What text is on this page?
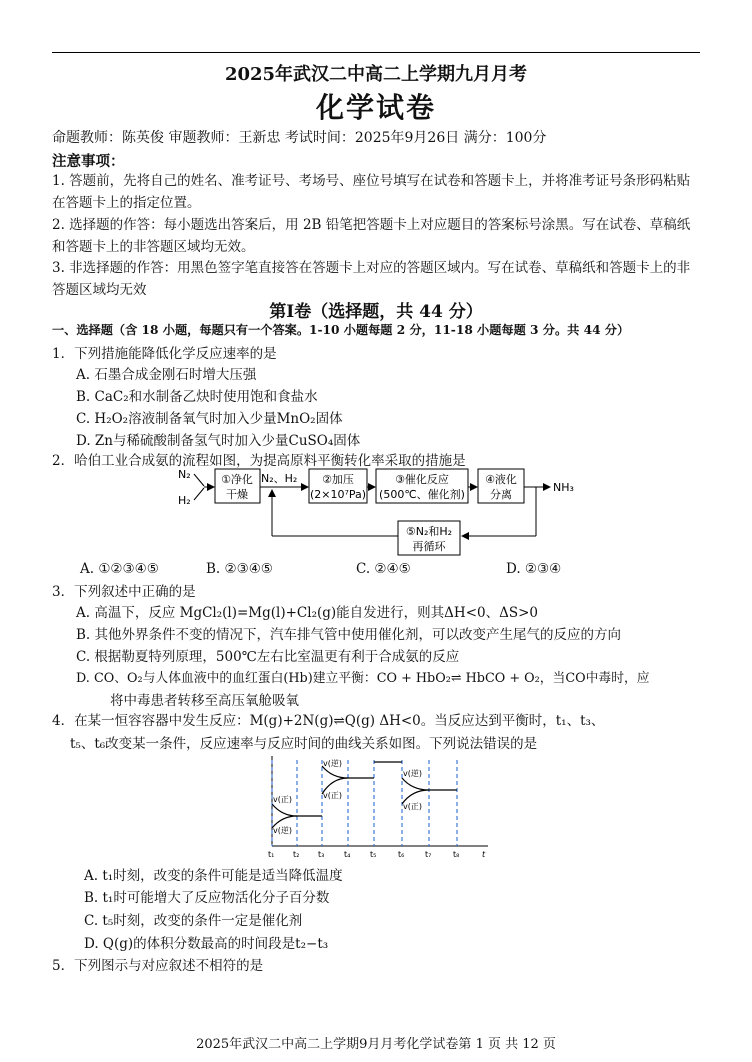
2025年武汉二中高二上学期九月月考
化学试卷
命题教师：陈英俊 审题教师：王新忠 考试时间：2025年9月26日 满分：100分
注意事项：
1. 答题前，先将自己的姓名、准考证号、考场号、座位号填写在试卷和答题卡上，并将准考证号条形码粘贴在答题卡上的指定位置。
2. 选择题的作答：每小题选出答案后，用 2B 铅笔把答题卡上对应题目的答案标号涂黑。写在试卷、草稿纸和答题卡上的非答题区域均无效。
3. 非选择题的作答：用黑色签字笔直接答在答题卡上对应的答题区域内。写在试卷、草稿纸和答题卡上的非答题区域均无效
第Ⅰ卷（选择题，共 44 分）
一、选择题（含 18 小题，每题只有一个答案。1-10 小题每题 2 分，11-18 小题每题 3 分。共 44 分）
1．下列措施能降低化学反应速率的是
A. 石墨合成金刚石时增大压强
B. CaC₂和水制备乙炔时使用饱和食盐水
C. H₂O₂溶液制备氧气时加入少量MnO₂固体
D. Zn与稀硫酸制备氢气时加入少量CuSO₄固体
2．哈伯工业合成氨的流程如图，为提高原料平衡转化率采取的措施是
N₂
H₂
①净化
干燥
N₂、H₂ ②加压
(2×10⁷Pa)
③催化反应
(500℃、催化剂)
④液化
分离
NH₃
⑤N₂和H₂
再循环
A. ①②③④⑤	B. ②③④⑤	C. ②④⑤	D. ②③④
3．下列叙述中正确的是
A. 高温下，反应 MgCl₂(l)=Mg(l)+Cl₂(g)能自发进行，则其ΔH<0、ΔS>0
B. 其他外界条件不变的情况下，汽车排气管中使用催化剂，可以改变产生尾气的反应的方向
C. 根据勒夏特列原理，500℃左右比室温更有利于合成氨的反应
D. CO、O₂与人体血液中的血红蛋白(Hb)建立平衡：CO + HbO₂⇌ HbCO + O₂，当CO中毒时，应
将中毒患者转移至高压氧舱吸氧
4．在某一恒容容器中发生反应：M(g)+2N(g)⇌Q(g) ΔH<0。当反应达到平衡时，t₁、t₃、
t₅、t₆改变某一条件，反应速率与反应时间的曲线关系如图。下列说法错误的是
v(正)
v(逆)
v(逆)
v(正)
v(逆)
v(正)
t₁ t₂ t₃ t₄ t₅	t₆	t₇	t₈	t
A. t₁时刻，改变的条件可能是适当降低温度
B. t₁时可能增大了反应物活化分子百分数
C. t₅时刻，改变的条件一定是催化剂
D. Q(g)的体积分数最高的时间段是t₂−t₃
5．下列图示与对应叙述不相符的是
2025年武汉二中高二上学期9月月考化学试卷第 1 页 共 12 页
